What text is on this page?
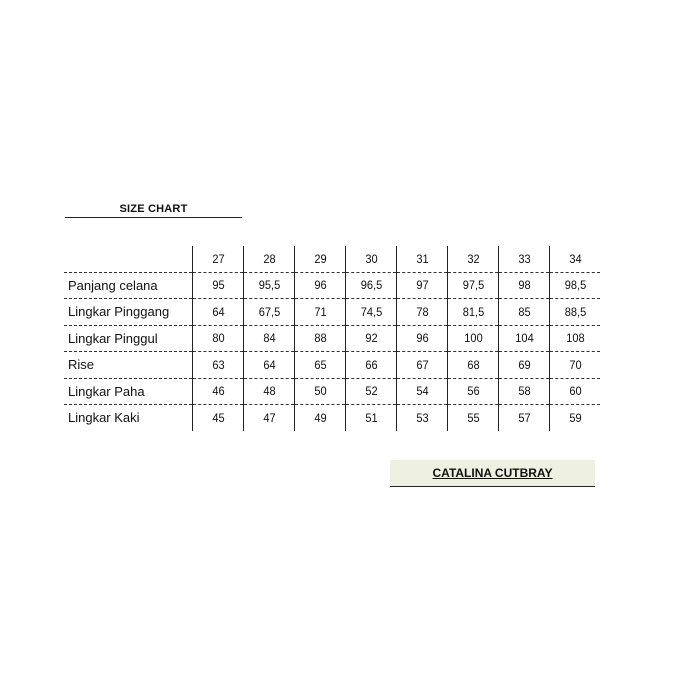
SIZE CHART
	27	28	29	30	31	32	33	34
Panjang celana	95	95,5	96	96,5	97	97,5	98	98,5
Lingkar Pinggang	64	67,5	71	74,5	78	81,5	85	88,5
Lingkar Pinggul	80	84	88	92	96	100	104	108
Rise	63	64	65	66	67	68	69	70
Lingkar Paha	46	48	50	52	54	56	58	60
Lingkar Kaki	45	47	49	51	53	55	57	59
CATALINA CUTBRAY
